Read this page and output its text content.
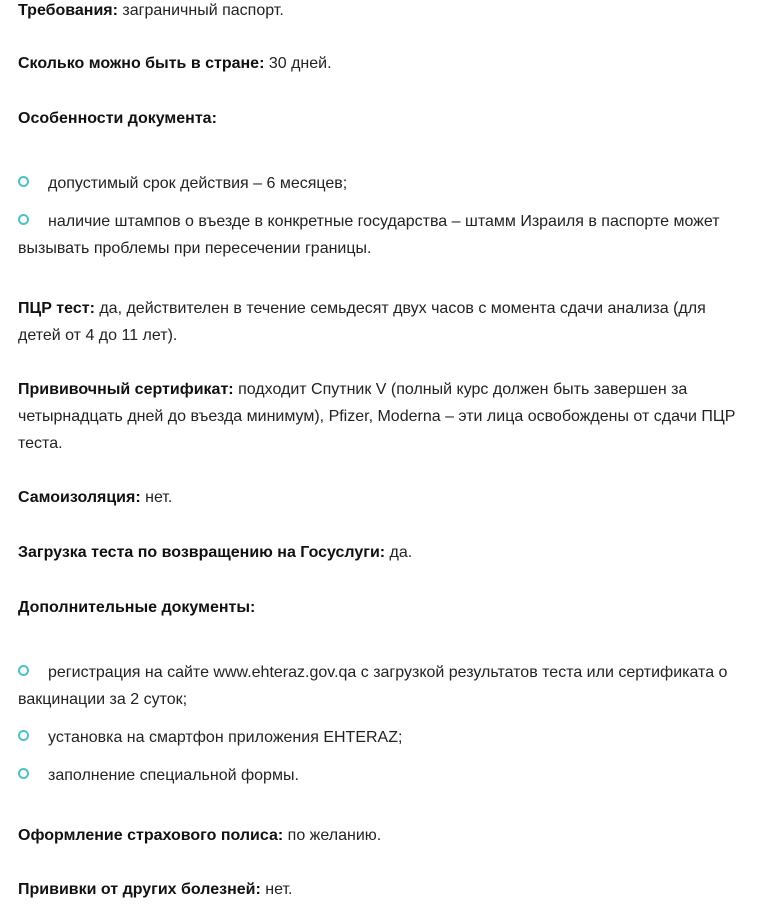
Требования: заграничный паспорт.

Сколько можно быть в стране: 30 дней.

Особенности документа:

допустимый срок действия – 6 месяцев;
наличие штампов о въезде в конкретные государства – штамм Израиля в паспорте может вызывать проблемы при пересечении границы.

ПЦР тест: да, действителен в течение семьдесят двух часов с момента сдачи анализа (для детей от 4 до 11 лет).

Прививочный сертификат: подходит Спутник V (полный курс должен быть завершен за четырнадцать дней до въезда минимум), Pfizer, Moderna – эти лица освобождены от сдачи ПЦР теста.

Самоизоляция: нет.

Загрузка теста по возвращению на Госуслуги: да.

Дополнительные документы:

регистрация на сайте www.ehteraz.gov.qa с загрузкой результатов теста или сертификата о вакцинации за 2 суток;
установка на смартфон приложения EHTERAZ;
заполнение специальной формы.

Оформление страхового полиса: по желанию.

Прививки от других болезней: нет.
